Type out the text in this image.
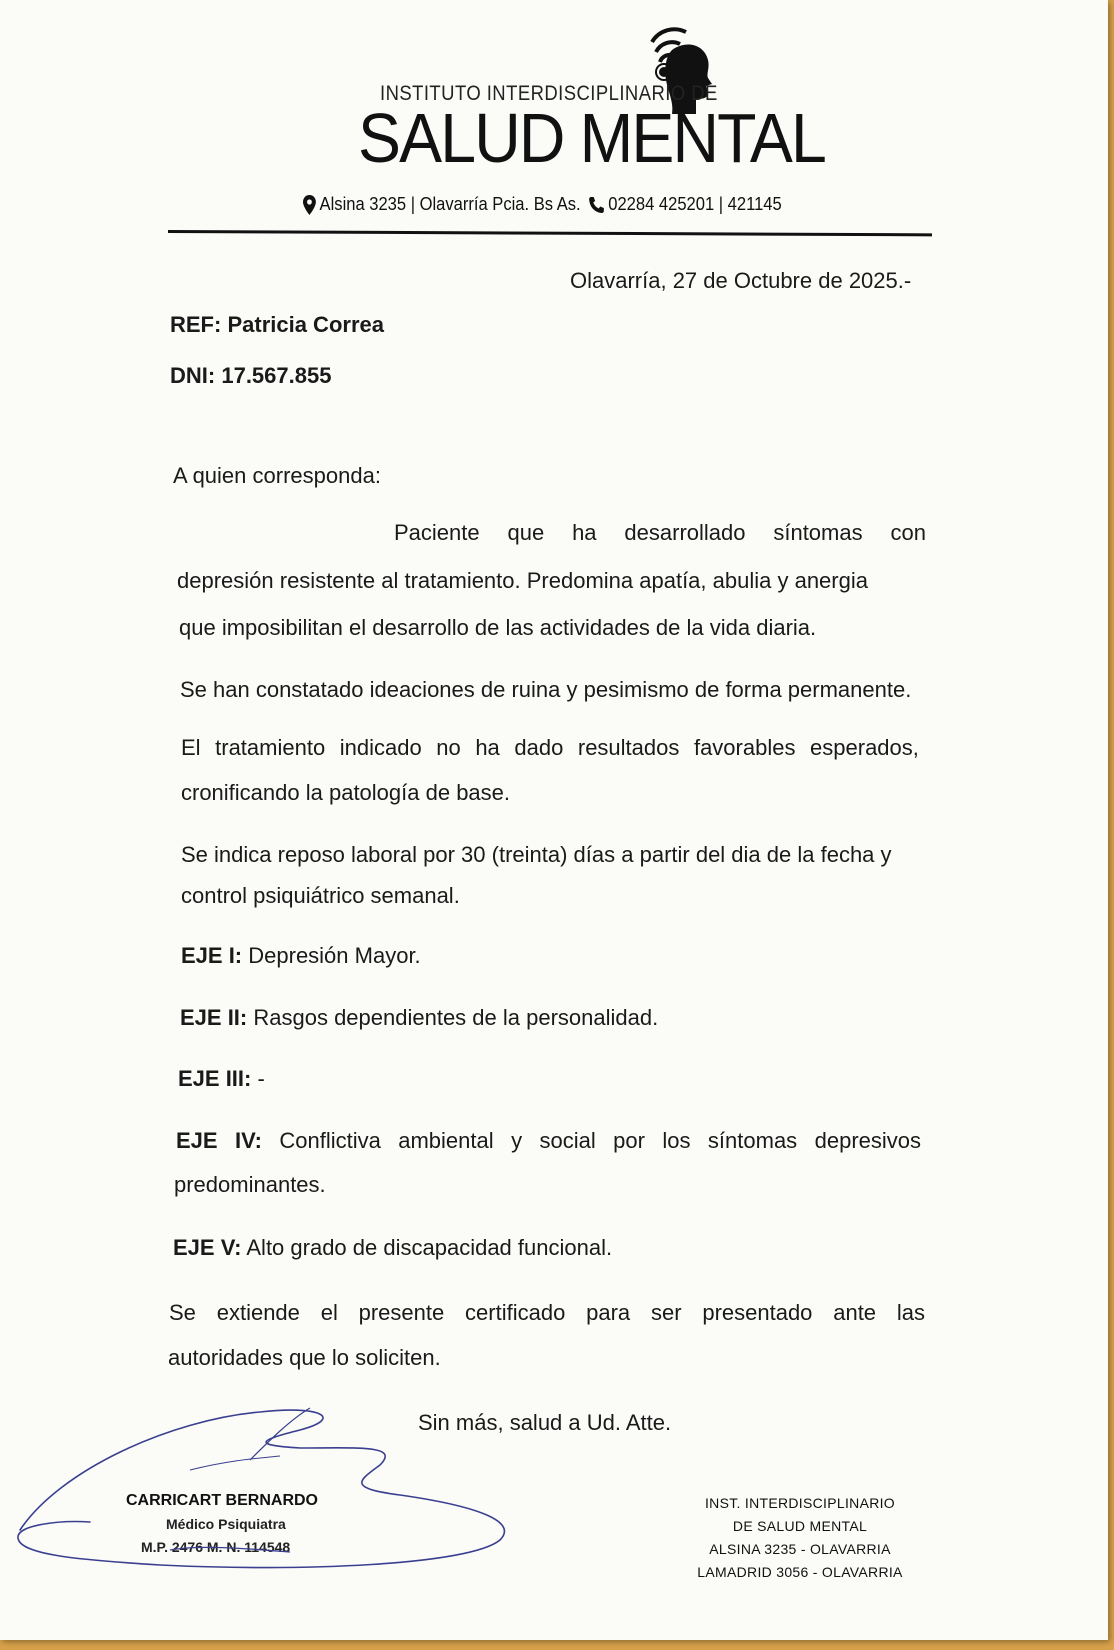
INSTITUTO INTERDISCIPLINARIO DE
SALUD MENTAL
Alsina 3235 | Olavarría Pcia. Bs As. 02284 425201 | 421145
Olavarría, 27 de Octubre de 2025.-
REF: Patricia Correa
DNI: 17.567.855
A quien corresponda:
Paciente que ha desarrollado síntomas con
depresión resistente al tratamiento. Predomina apatía, abulia y anergia
que imposibilitan el desarrollo de las actividades de la vida diaria.
Se han constatado ideaciones de ruina y pesimismo de forma permanente.
El tratamiento indicado no ha dado resultados favorables esperados,
cronificando la patología de base.
Se indica reposo laboral por 30 (treinta) días a partir del dia de la fecha y
control psiquiátrico semanal.
EJE I: Depresión Mayor.
EJE II: Rasgos dependientes de la personalidad.
EJE III: -
EJE IV: Conflictiva ambiental y social por los síntomas depresivos
predominantes.
EJE V: Alto grado de discapacidad funcional.
Se extiende el presente certificado para ser presentado ante las
autoridades que lo soliciten.
Sin más, salud a Ud. Atte.
CARRICART BERNARDO
Médico Psiquiatra
M.P. 2476 M. N. 114548
INST. INTERDISCIPLINARIO
DE SALUD MENTAL
ALSINA 3235 - OLAVARRIA
LAMADRID 3056 - OLAVARRIA
